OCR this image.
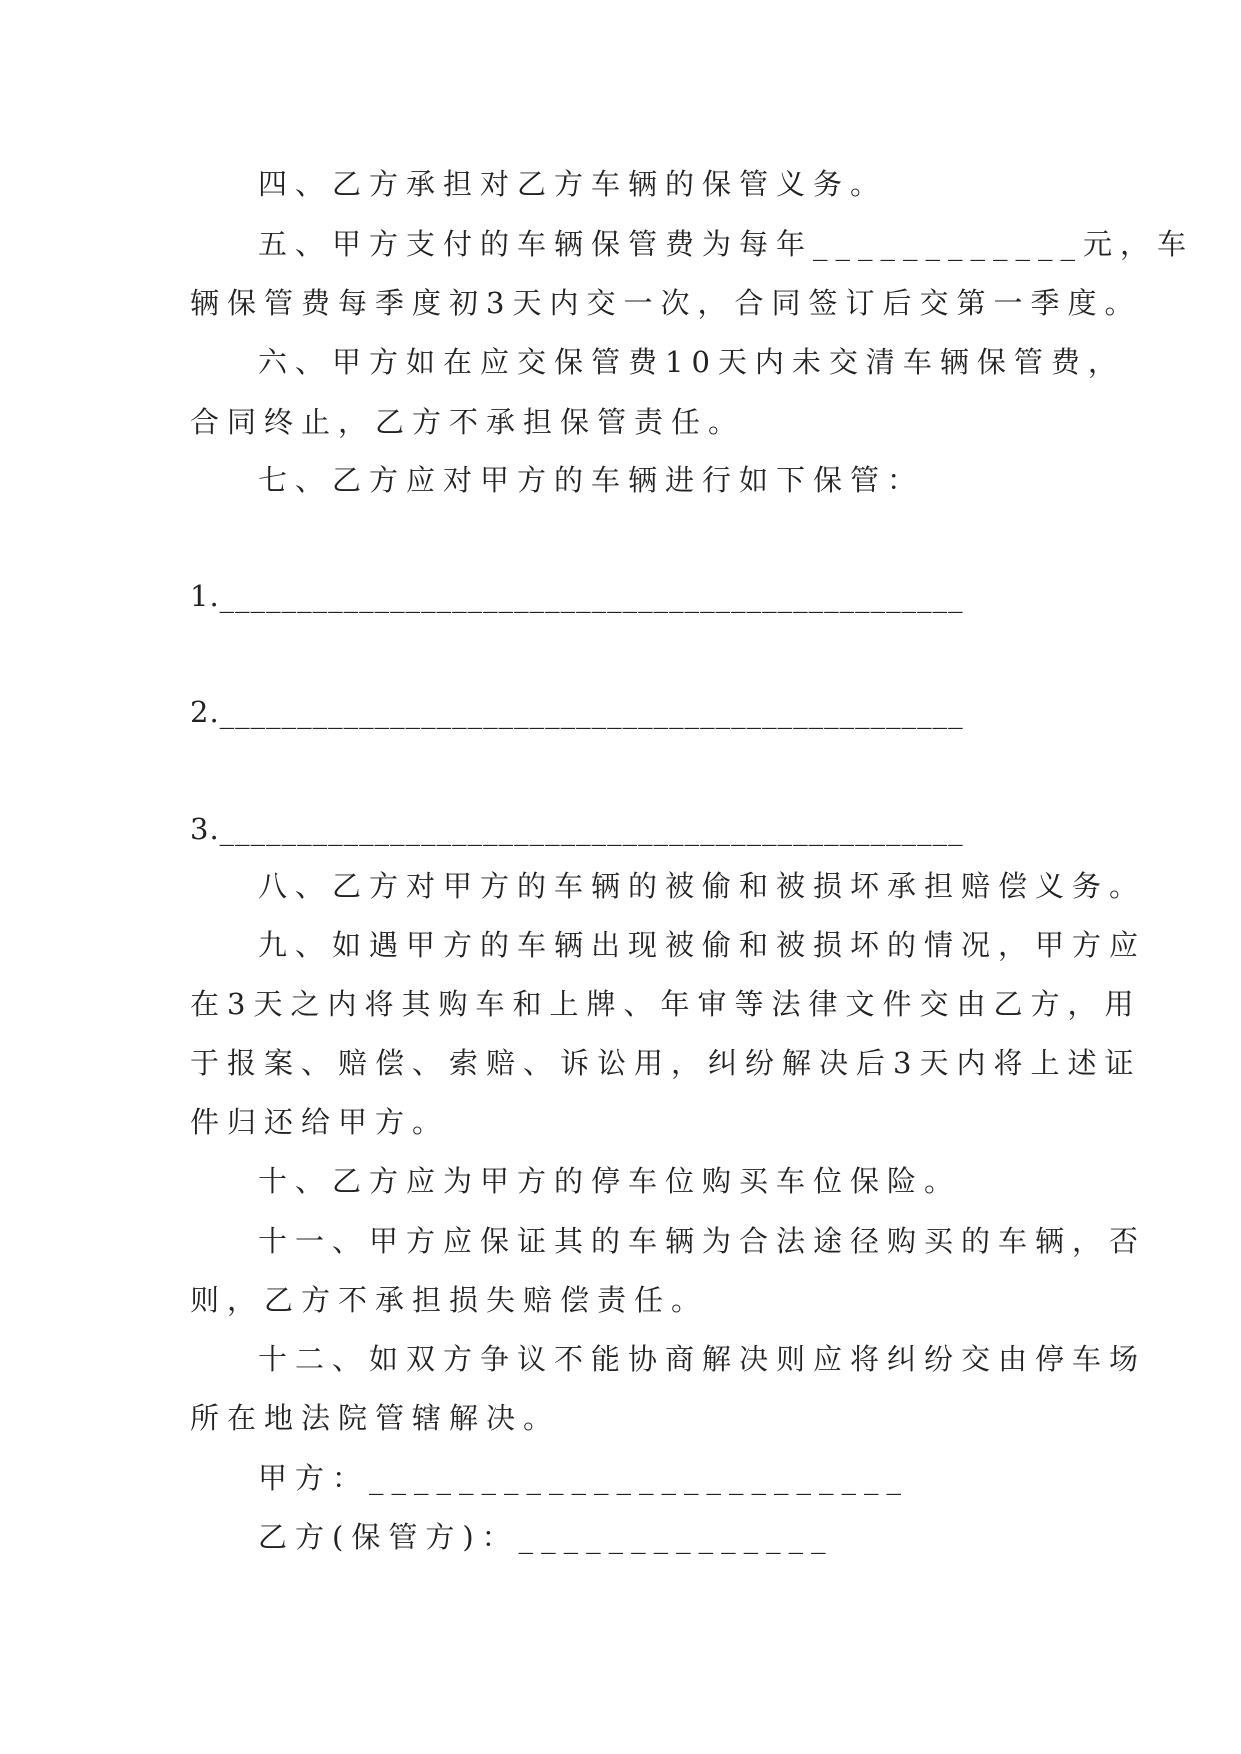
四、乙方承担对乙方车辆的保管义务。
五、甲方支付的车辆保管费为每年____________元，车
辆保管费每季度初3天内交一次，合同签订后交第一季度。
六、甲方如在应交保管费10天内未交清车辆保管费，
合同终止，乙方不承担保管责任。
七、乙方应对甲方的车辆进行如下保管：
1.________________________________________________
2.________________________________________________
3.________________________________________________
八、乙方对甲方的车辆的被偷和被损坏承担赔偿义务。
九、如遇甲方的车辆出现被偷和被损坏的情况，甲方应
在3天之内将其购车和上牌、年审等法律文件交由乙方，用
于报案、赔偿、索赔、诉讼用，纠纷解决后3天内将上述证
件归还给甲方。
十、乙方应为甲方的停车位购买车位保险。
十一、甲方应保证其的车辆为合法途径购买的车辆，否
则，乙方不承担损失赔偿责任。
十二、如双方争议不能协商解决则应将纠纷交由停车场
所在地法院管辖解决。
甲方：________________________
乙方(保管方)：______________
